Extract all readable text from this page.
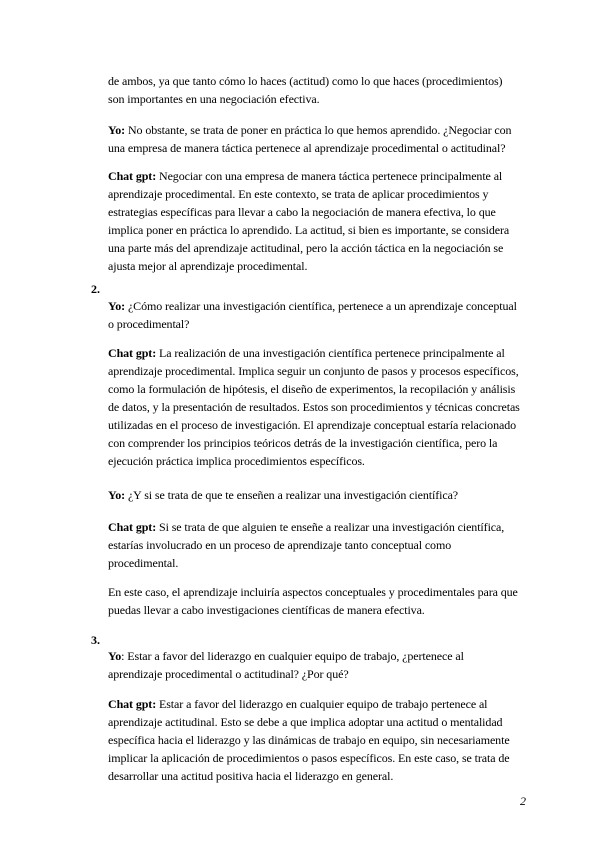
de ambos, ya que tanto cómo lo haces (actitud) como lo que haces (procedimientos) son importantes en una negociación efectiva.

Yo: No obstante, se trata de poner en práctica lo que hemos aprendido. ¿Negociar con una empresa de manera táctica pertenece al aprendizaje procedimental o actitudinal?

Chat gpt: Negociar con una empresa de manera táctica pertenece principalmente al aprendizaje procedimental. En este contexto, se trata de aplicar procedimientos y estrategias específicas para llevar a cabo la negociación de manera efectiva, lo que implica poner en práctica lo aprendido. La actitud, si bien es importante, se considera una parte más del aprendizaje actitudinal, pero la acción táctica en la negociación se ajusta mejor al aprendizaje procedimental.

2.

Yo: ¿Cómo realizar una investigación científica, pertenece a un aprendizaje conceptual o procedimental?

Chat gpt: La realización de una investigación científica pertenece principalmente al aprendizaje procedimental. Implica seguir un conjunto de pasos y procesos específicos, como la formulación de hipótesis, el diseño de experimentos, la recopilación y análisis de datos, y la presentación de resultados. Estos son procedimientos y técnicas concretas utilizadas en el proceso de investigación. El aprendizaje conceptual estaría relacionado con comprender los principios teóricos detrás de la investigación científica, pero la ejecución práctica implica procedimientos específicos.

Yo: ¿Y si se trata de que te enseñen a realizar una investigación científica?

Chat gpt: Si se trata de que alguien te enseñe a realizar una investigación científica, estarías involucrado en un proceso de aprendizaje tanto conceptual como procedimental.

En este caso, el aprendizaje incluiría aspectos conceptuales y procedimentales para que puedas llevar a cabo investigaciones científicas de manera efectiva.

3.

Yo: Estar a favor del liderazgo en cualquier equipo de trabajo, ¿pertenece al aprendizaje procedimental o actitudinal? ¿Por qué?

Chat gpt: Estar a favor del liderazgo en cualquier equipo de trabajo pertenece al aprendizaje actitudinal. Esto se debe a que implica adoptar una actitud o mentalidad específica hacia el liderazgo y las dinámicas de trabajo en equipo, sin necesariamente implicar la aplicación de procedimientos o pasos específicos. En este caso, se trata de desarrollar una actitud positiva hacia el liderazgo en general.

2
